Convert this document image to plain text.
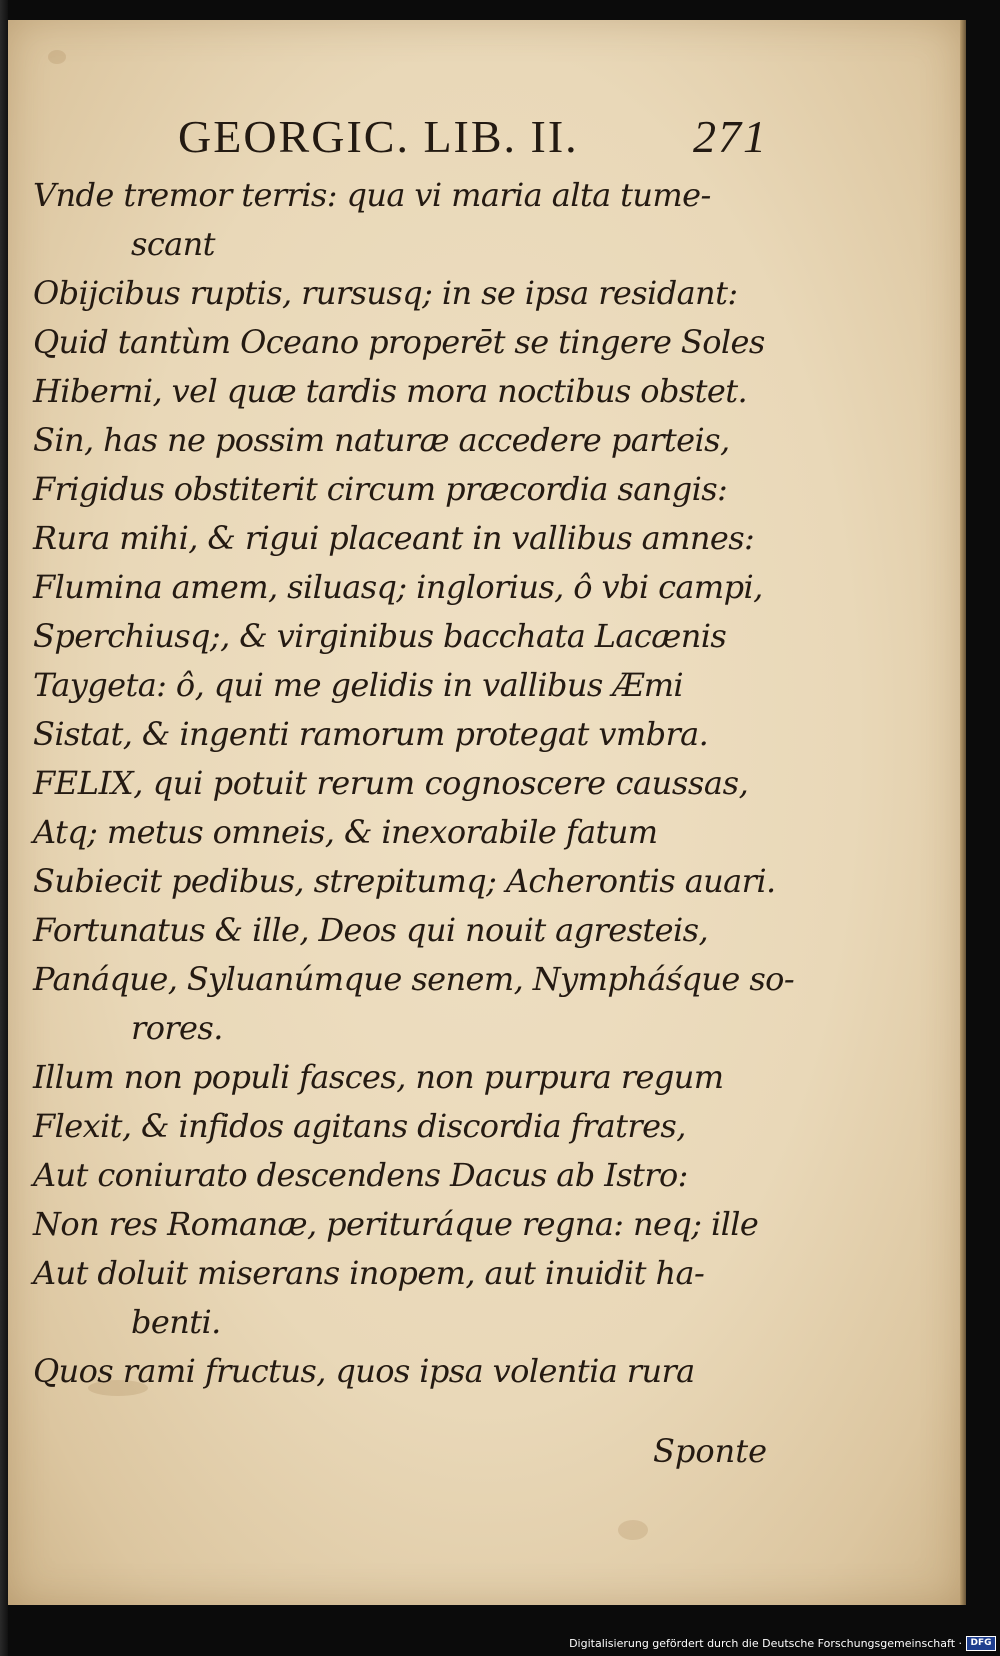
GEORGIC. LIB. II. 271
Vnde tremor terris: qua vi maria alta tume-
scant
Obijcibus ruptis, rursusq; in se ipsa residant:
Quid tantùm Oceano properēt se tingere Soles
Hiberni, vel quæ tardis mora noctibus obstet.
Sin, has ne possim naturæ accedere parteis,
Frigidus obstiterit circum præcordia sangis:
Rura mihi, & rigui placeant in vallibus amnes:
Flumina amem, siluasq; inglorius, ô vbi campi,
Sperchiusq;, & virginibus bacchata Lacænis
Taygeta: ô, qui me gelidis in vallibus Æmi
Sistat, & ingenti ramorum protegat vmbra.
FELIX, qui potuit rerum cognoscere caussas,
Atq; metus omneis, & inexorabile fatum
Subiecit pedibus, strepitumq; Acherontis auari.
Fortunatus & ille, Deos qui nouit agresteis,
Panáque, Syluanúmque senem, Nympháśque so-
rores.
Illum non populi fasces, non purpura regum
Flexit, & infidos agitans discordia fratres,
Aut coniurato descendens Dacus ab Istro:
Non res Romanæ, perituráque regna: neq; ille
Aut doluit miserans inopem, aut inuidit ha-
benti.
Quos rami fructus, quos ipsa volentia rura
Sponte
Digitalisierung gefördert durch die Deutsche Forschungsgemeinschaft · DFG
